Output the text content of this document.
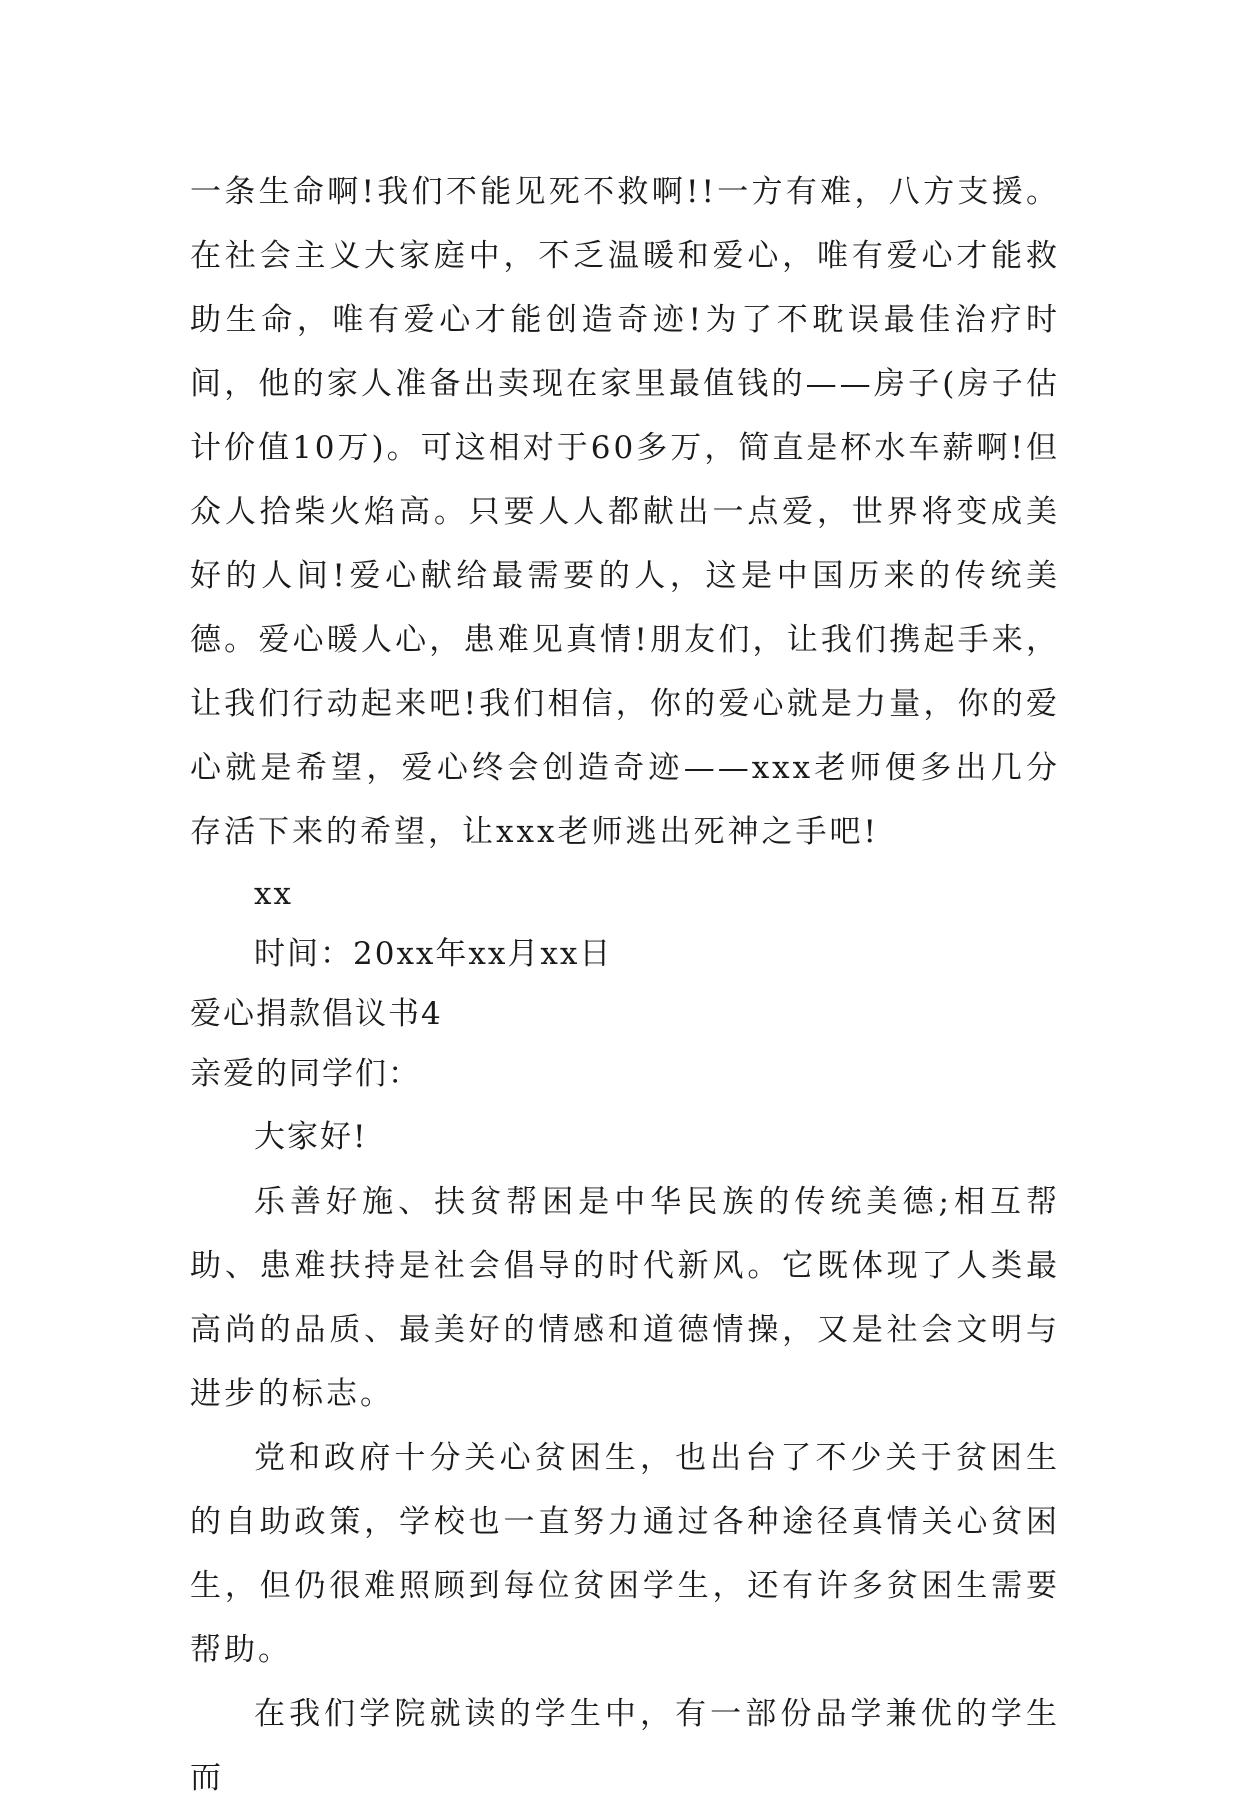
一条生命啊!我们不能见死不救啊!!一方有难，八方支援。在社会主义大家庭中，不乏温暖和爱心，唯有爱心才能救助生命，唯有爱心才能创造奇迹!为了不耽误最佳治疗时间，他的家人准备出卖现在家里最值钱的——房子(房子估计价值10万)。可这相对于60多万，简直是杯水车薪啊!但众人拾柴火焰高。只要人人都献出一点爱，世界将变成美好的人间!爱心献给最需要的人，这是中国历来的传统美德。爱心暖人心，患难见真情!朋友们，让我们携起手来，让我们行动起来吧!我们相信，你的爱心就是力量，你的爱心就是希望，爱心终会创造奇迹——xxx老师便多出几分存活下来的希望，让xxx老师逃出死神之手吧!

xx

时间：20xx年xx月xx日

爱心捐款倡议书4

亲爱的同学们：

大家好!

乐善好施、扶贫帮困是中华民族的传统美德;相互帮助、患难扶持是社会倡导的时代新风。它既体现了人类最高尚的品质、最美好的情感和道德情操，又是社会文明与进步的标志。

党和政府十分关心贫困生，也出台了不少关于贫困生的自助政策，学校也一直努力通过各种途径真情关心贫困生，但仍很难照顾到每位贫困学生，还有许多贫困生需要帮助。

在我们学院就读的学生中，有一部份品学兼优的学生而
